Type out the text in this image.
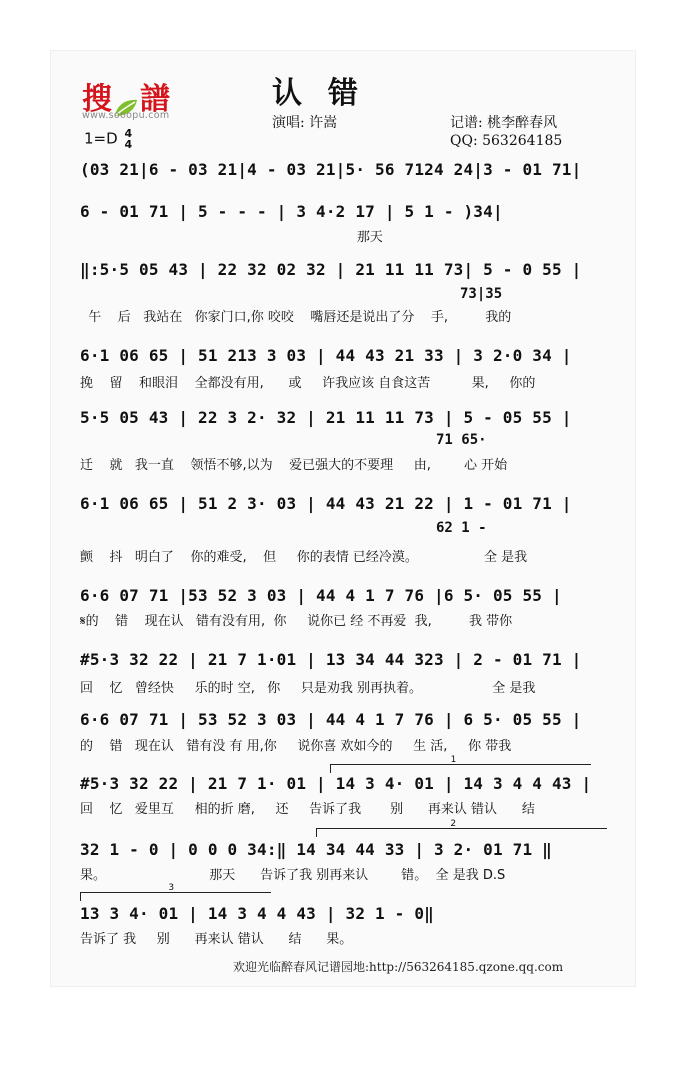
搜 譜
www.sooopu.com
认错
演唱: 许嵩	记谱: 桃李醉春风
QQ: 563264185
1=D 4
4
(03 21|6 - 03 21|4 - 03 21|5· 56 7124 24|3 - 01 71|
6 - 01 71 | 5 - - - | 3 4·2 17 | 5 1 - )34|
那天
‖:5·5 05 43 | 22 32 02 32 | 21 11 11 73| 5 - 0 55 |
73|35
午    后   我站在   你家门口,你 咬咬    嘴唇还是说出了分    手,         我的
6·1 06 65 | 51 213 3 03 | 44 43 21 33 | 3 2·0 34 |
挽    留    和眼泪    全都没有用,      或     许我应该 自食这苦          果,     你的
5·5 05 43 | 22 3 2· 32 | 21 11 11 73 | 5 - 05 55 |
71 65·
迁    就   我一直    领悟不够,以为    爱已强大的不要理     由,        心 开始
6·1 06 65 | 51 2 3· 03 | 44 43 21 22 | 1 - 01 71 |
62 1 -
颤    抖   明白了    你的难受,    但     你的表情 已经冷漠。                全 是我
6·6 07 71 |53 52 3 03 | 44 4 1 7 76 |6 5· 05 55 |
𝄋的    错    现在认   错有没有用,  你     说你已 经 不再爱  我,         我 带你
#5·3 32 22 | 21 7 1·01 | 13 34 44 323 | 2 - 01 71 |
回    忆   曾经快     乐的时 空,   你     只是劝我 别再执着。                 全 是我
6·6 07 71 | 53 52 3 03 | 44 4 1 7 76 | 6 5· 05 55 |
的    错   现在认   错有没 有 用,你     说你喜 欢如今的     生 活,     你 带我
1
#5·3 32 22 | 21 7 1· 01 | 14 3 4· 01 | 14 3 4 4 43 |
回    忆   爱里互     相的折 磨,     还     告诉了我       别      再来认 错认      结
2
32 1 - 0 | 0 0 0 34:‖ 14 34 44 33 | 3 2· 01 71 ‖
果。                         那天      告诉了我 别再来认        错。  全 是我 D.S
3
13 3 4· 01 | 14 3 4 4 43 | 32 1 - 0‖
告诉了 我     别      再来认 错认      结      果。
欢迎光临醉春风记谱园地:http://563264185.qzone.qq.com
